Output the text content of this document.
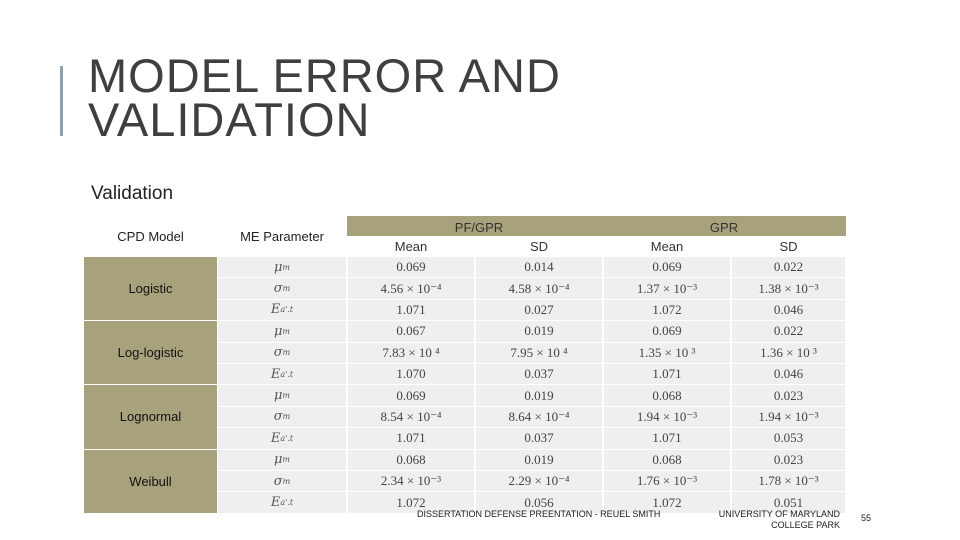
MODEL ERROR AND
VALIDATION
Validation
CPD Model	ME Parameter
PF/GPR	GPR
Mean	SD	Mean	SD
Logistic
μ m	0.069	0.014	0.069	0.022
σ m	4.56 × 10⁻⁴	4.58 × 10⁻⁴	1.37 × 10⁻³	1.38 × 10⁻³
E a'.t	1.071	0.027	1.072	0.046
Log-logistic
μ m	0.067	0.019	0.069	0.022
σ m	7.83 × 10 ⁴	7.95 × 10 ⁴	1.35 × 10 ³	1.36 × 10 ³
E a'.t	1.070	0.037	1.071	0.046
Lognormal
μ m	0.069	0.019	0.068	0.023
σ m	8.54 × 10⁻⁴	8.64 × 10⁻⁴	1.94 × 10⁻³	1.94 × 10⁻³
E a'.t	1.071	0.037	1.071	0.053
Weibull
μ m	0.068	0.019	0.068	0.023
σ m	2.34 × 10⁻³	2.29 × 10⁻⁴	1.76 × 10⁻³	1.78 × 10⁻³
E a'.t	1.072	0.056	1.072	0.051
DISSERTATION DEFENSE PREENTATION - REUEL SMITH	UNIVERSITY OF MARYLAND
COLLEGE PARK
55
